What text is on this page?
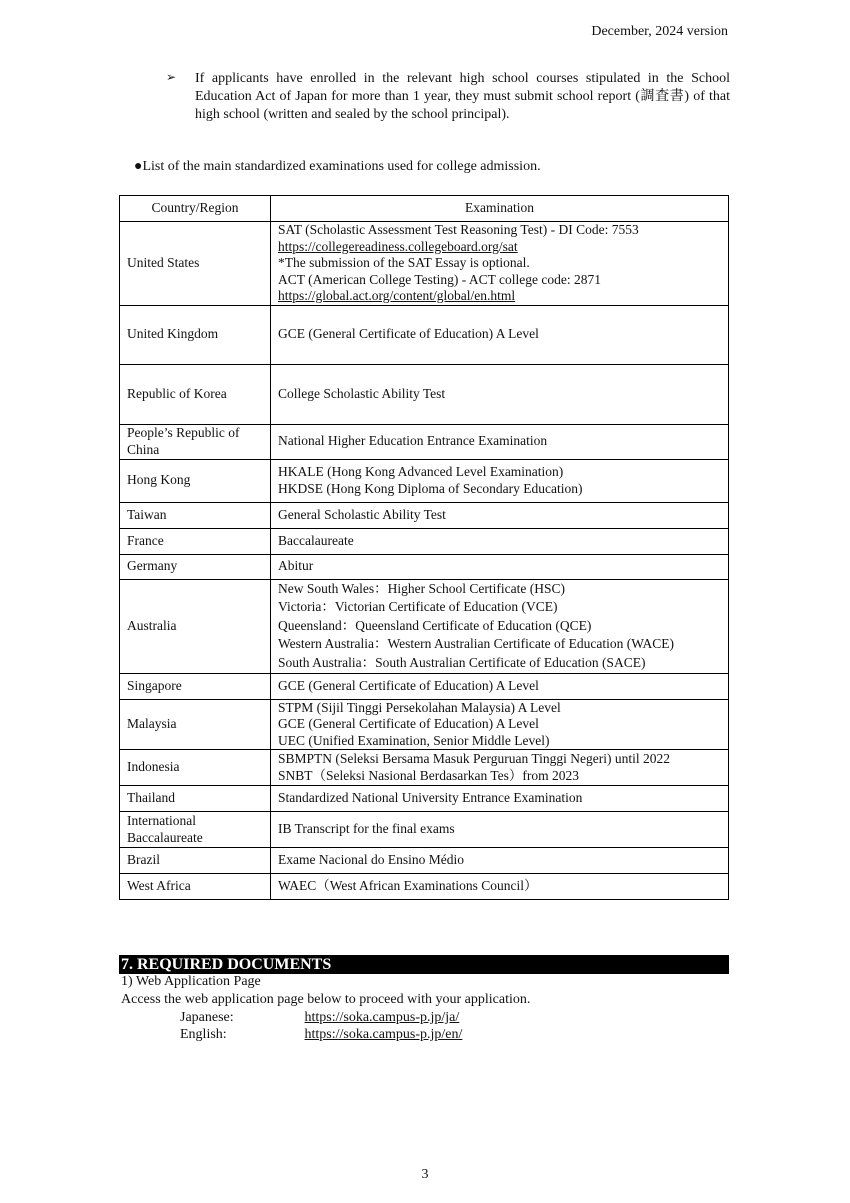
December, 2024 version
➢ If applicants have enrolled in the relevant high school courses stipulated in the School Education Act of Japan for more than 1 year, they must submit school report (調査書) of that high school (written and sealed by the school principal).
●List of the main standardized examinations used for college admission.
Country/Region	Examination
United States	SAT (Scholastic Assessment Test Reasoning Test) - DI Code: 7553
https://collegereadiness.collegeboard.org/sat
*The submission of the SAT Essay is optional.
ACT (American College Testing) - ACT college code: 2871
https://global.act.org/content/global/en.html

United Kingdom	GCE (General Certificate of Education) A Level

Republic of Korea	College Scholastic Ability Test

People’s Republic of China	National Higher Education Entrance Examination

Hong Kong	HKALE (Hong Kong Advanced Level Examination)
HKDSE (Hong Kong Diploma of Secondary Education)

Taiwan	General Scholastic Ability Test

France	Baccalaureate

Germany	Abitur

Australia	New South Wales：Higher School Certificate (HSC)
Victoria：Victorian Certificate of Education (VCE)
Queensland：Queensland Certificate of Education (QCE)
Western Australia：Western Australian Certificate of Education (WACE)
South Australia：South Australian Certificate of Education (SACE)

Singapore	GCE (General Certificate of Education) A Level

Malaysia	STPM (Sijil Tinggi Persekolahan Malaysia) A Level
GCE (General Certificate of Education) A Level
UEC (Unified Examination, Senior Middle Level)

Indonesia	SBMPTN (Seleksi Bersama Masuk Perguruan Tinggi Negeri) until 2022
SNBT（Seleksi Nasional Berdasarkan Tes）from 2023

Thailand	Standardized National University Entrance Examination

International Baccalaureate	IB Transcript for the final exams

Brazil	Exame Nacional do Ensino Médio

West Africa	WAEC（West African Examinations Council）
7. REQUIRED DOCUMENTS
1) Web Application Page
Access the web application page below to proceed with your application.
Japanese:	https://soka.campus-p.jp/ja/
English:	https://soka.campus-p.jp/en/
3
